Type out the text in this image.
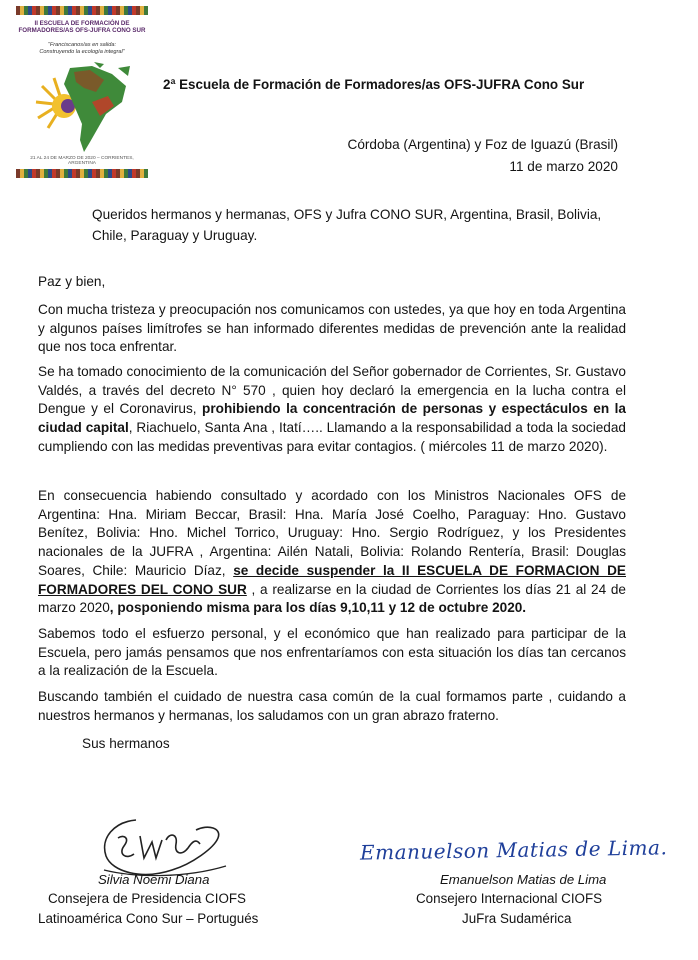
II ESCUELA DE FORMACIÓN DE
FORMADORES/AS OFS-JUFRA CONO SUR
“Franciscanos/as en salida:
Construyendo la ecología integral”
21 AL 24 DE MARZO DE 2020 – CORRIENTES, ARGENTINA
2ª Escuela de Formación de Formadores/as OFS-JUFRA Cono Sur
Córdoba (Argentina) y Foz de Iguazú (Brasil)
11 de marzo 2020
Queridos hermanos y hermanas, OFS y Jufra CONO SUR, Argentina, Brasil, Bolivia, Chile, Paraguay y Uruguay.
Paz y bien,
Con mucha tristeza y preocupación nos comunicamos con ustedes, ya que hoy en toda Argentina y algunos países limítrofes se han informado diferentes medidas de prevención ante la realidad que nos toca enfrentar.
Se ha tomado conocimiento de la comunicación del Señor gobernador de Corrientes, Sr. Gustavo Valdés, a través del decreto N° 570 , quien hoy declaró la emergencia en la lucha contra el Dengue y el Coronavirus, prohibiendo la concentración de personas y espectáculos en la ciudad capital, Riachuelo, Santa Ana , Itatí….. Llamando a la responsabilidad a toda la sociedad cumpliendo con las medidas preventivas para evitar contagios. ( miércoles 11 de marzo 2020).
En consecuencia habiendo consultado y acordado con los Ministros Nacionales OFS de Argentina: Hna. Miriam Beccar, Brasil: Hna. María José Coelho, Paraguay: Hno. Gustavo Benítez, Bolivia: Hno. Michel Torrico, Uruguay: Hno. Sergio Rodríguez, y los Presidentes nacionales de la JUFRA , Argentina: Ailén Natali, Bolivia: Rolando Rentería, Brasil: Douglas Soares, Chile: Mauricio Díaz, se decide suspender la II ESCUELA DE FORMACION DE FORMADORES DEL CONO SUR , a realizarse en la ciudad de Corrientes los días 21 al 24 de marzo 2020, posponiendo misma para los días 9,10,11 y 12 de octubre 2020.
Sabemos todo el esfuerzo personal, y el económico que han realizado para participar de la Escuela, pero jamás pensamos que nos enfrentaríamos con esta situación los días tan cercanos a la realización de la Escuela.
Buscando también el cuidado de nuestra casa común de la cual formamos parte , cuidando a nuestros hermanos y hermanas, los saludamos con un gran abrazo fraterno.
Sus hermanos
Silvia Noemi Diana
Consejera de Presidencia CIOFS
Latinoamérica Cono Sur – Portugués
Emanuelson Matias de Lima.
Emanuelson Matias de Lima
Consejero Internacional CIOFS
JuFra Sudamérica
